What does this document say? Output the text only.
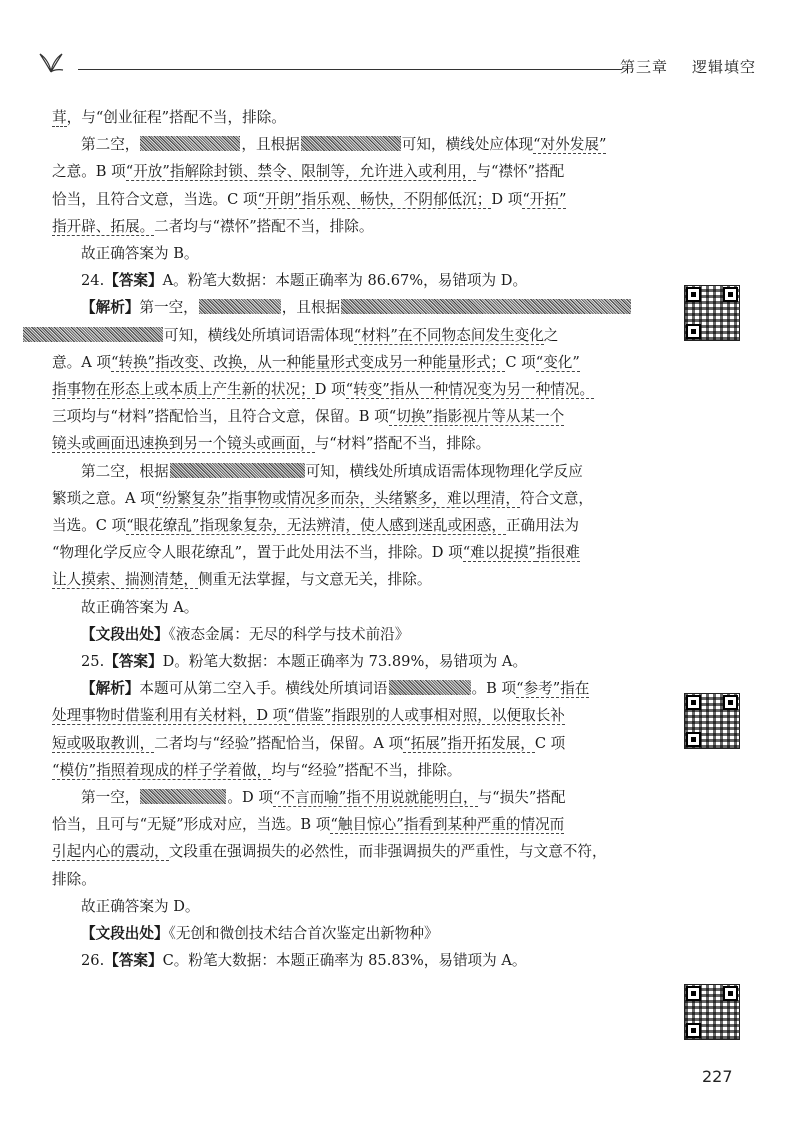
第三章 逻辑填空

茸，与“创业征程”搭配不当，排除。

第二空，	，且根据	可知，横线处应体现“对外发展”
之意。B 项“开放”指解除封锁、禁令、限制等，允许进入或利用，与“襟怀”搭配
恰当，且符合文意，当选。C 项“开朗”指乐观、畅快，不阴郁低沉；D 项“开拓”
指开辟、拓展。二者均与“襟怀”搭配不当，排除。

故正确答案为 B。

24.【答案】A。粉笔大数据：本题正确率为 86.67%，易错项为 D。

【解析】第一空，	，且根据
可知，横线处所填词语需体现“材料”在不同物态间发生变化之
意。A 项“转换”指改变、改换，从一种能量形式变成另一种能量形式；C 项“变化”
指事物在形态上或本质上产生新的状况；D 项“转变”指从一种情况变为另一种情况。
三项均与“材料”搭配恰当，且符合文意，保留。B 项“切换”指影视片等从某一个
镜头或画面迅速换到另一个镜头或画面，与“材料”搭配不当，排除。

第二空，根据	可知，横线处所填成语需体现物理化学反应
繁琐之意。A 项“纷繁复杂”指事物或情况多而杂，头绪繁多，难以理清，符合文意，
当选。C 项“眼花缭乱”指现象复杂，无法辨清，使人感到迷乱或困惑，正确用法为
“物理化学反应令人眼花缭乱”，置于此处用法不当，排除。D 项“难以捉摸”指很难
让人摸索、揣测清楚，侧重无法掌握，与文意无关，排除。

故正确答案为 A。

【文段出处】《液态金属：无尽的科学与技术前沿》

25.【答案】D。粉笔大数据：本题正确率为 73.89%，易错项为 A。

【解析】本题可从第二空入手。横线处所填词语	。B 项“参考”指在
处理事物时借鉴利用有关材料，D 项“借鉴”指跟别的人或事相对照，以便取长补
短或吸取教训，二者均与“经验”搭配恰当，保留。A 项“拓展”指开拓发展，C 项
“模仿”指照着现成的样子学着做，均与“经验”搭配不当，排除。

第一空，	。D 项“不言而喻”指不用说就能明白，与“损失”搭配
恰当，且可与“无疑”形成对应，当选。B 项“触目惊心”指看到某种严重的情况而
引起内心的震动，文段重在强调损失的必然性，而非强调损失的严重性，与文意不符，
排除。

故正确答案为 D。

【文段出处】《无创和微创技术结合首次鉴定出新物种》

26.【答案】C。粉笔大数据：本题正确率为 85.83%，易错项为 A。

227
